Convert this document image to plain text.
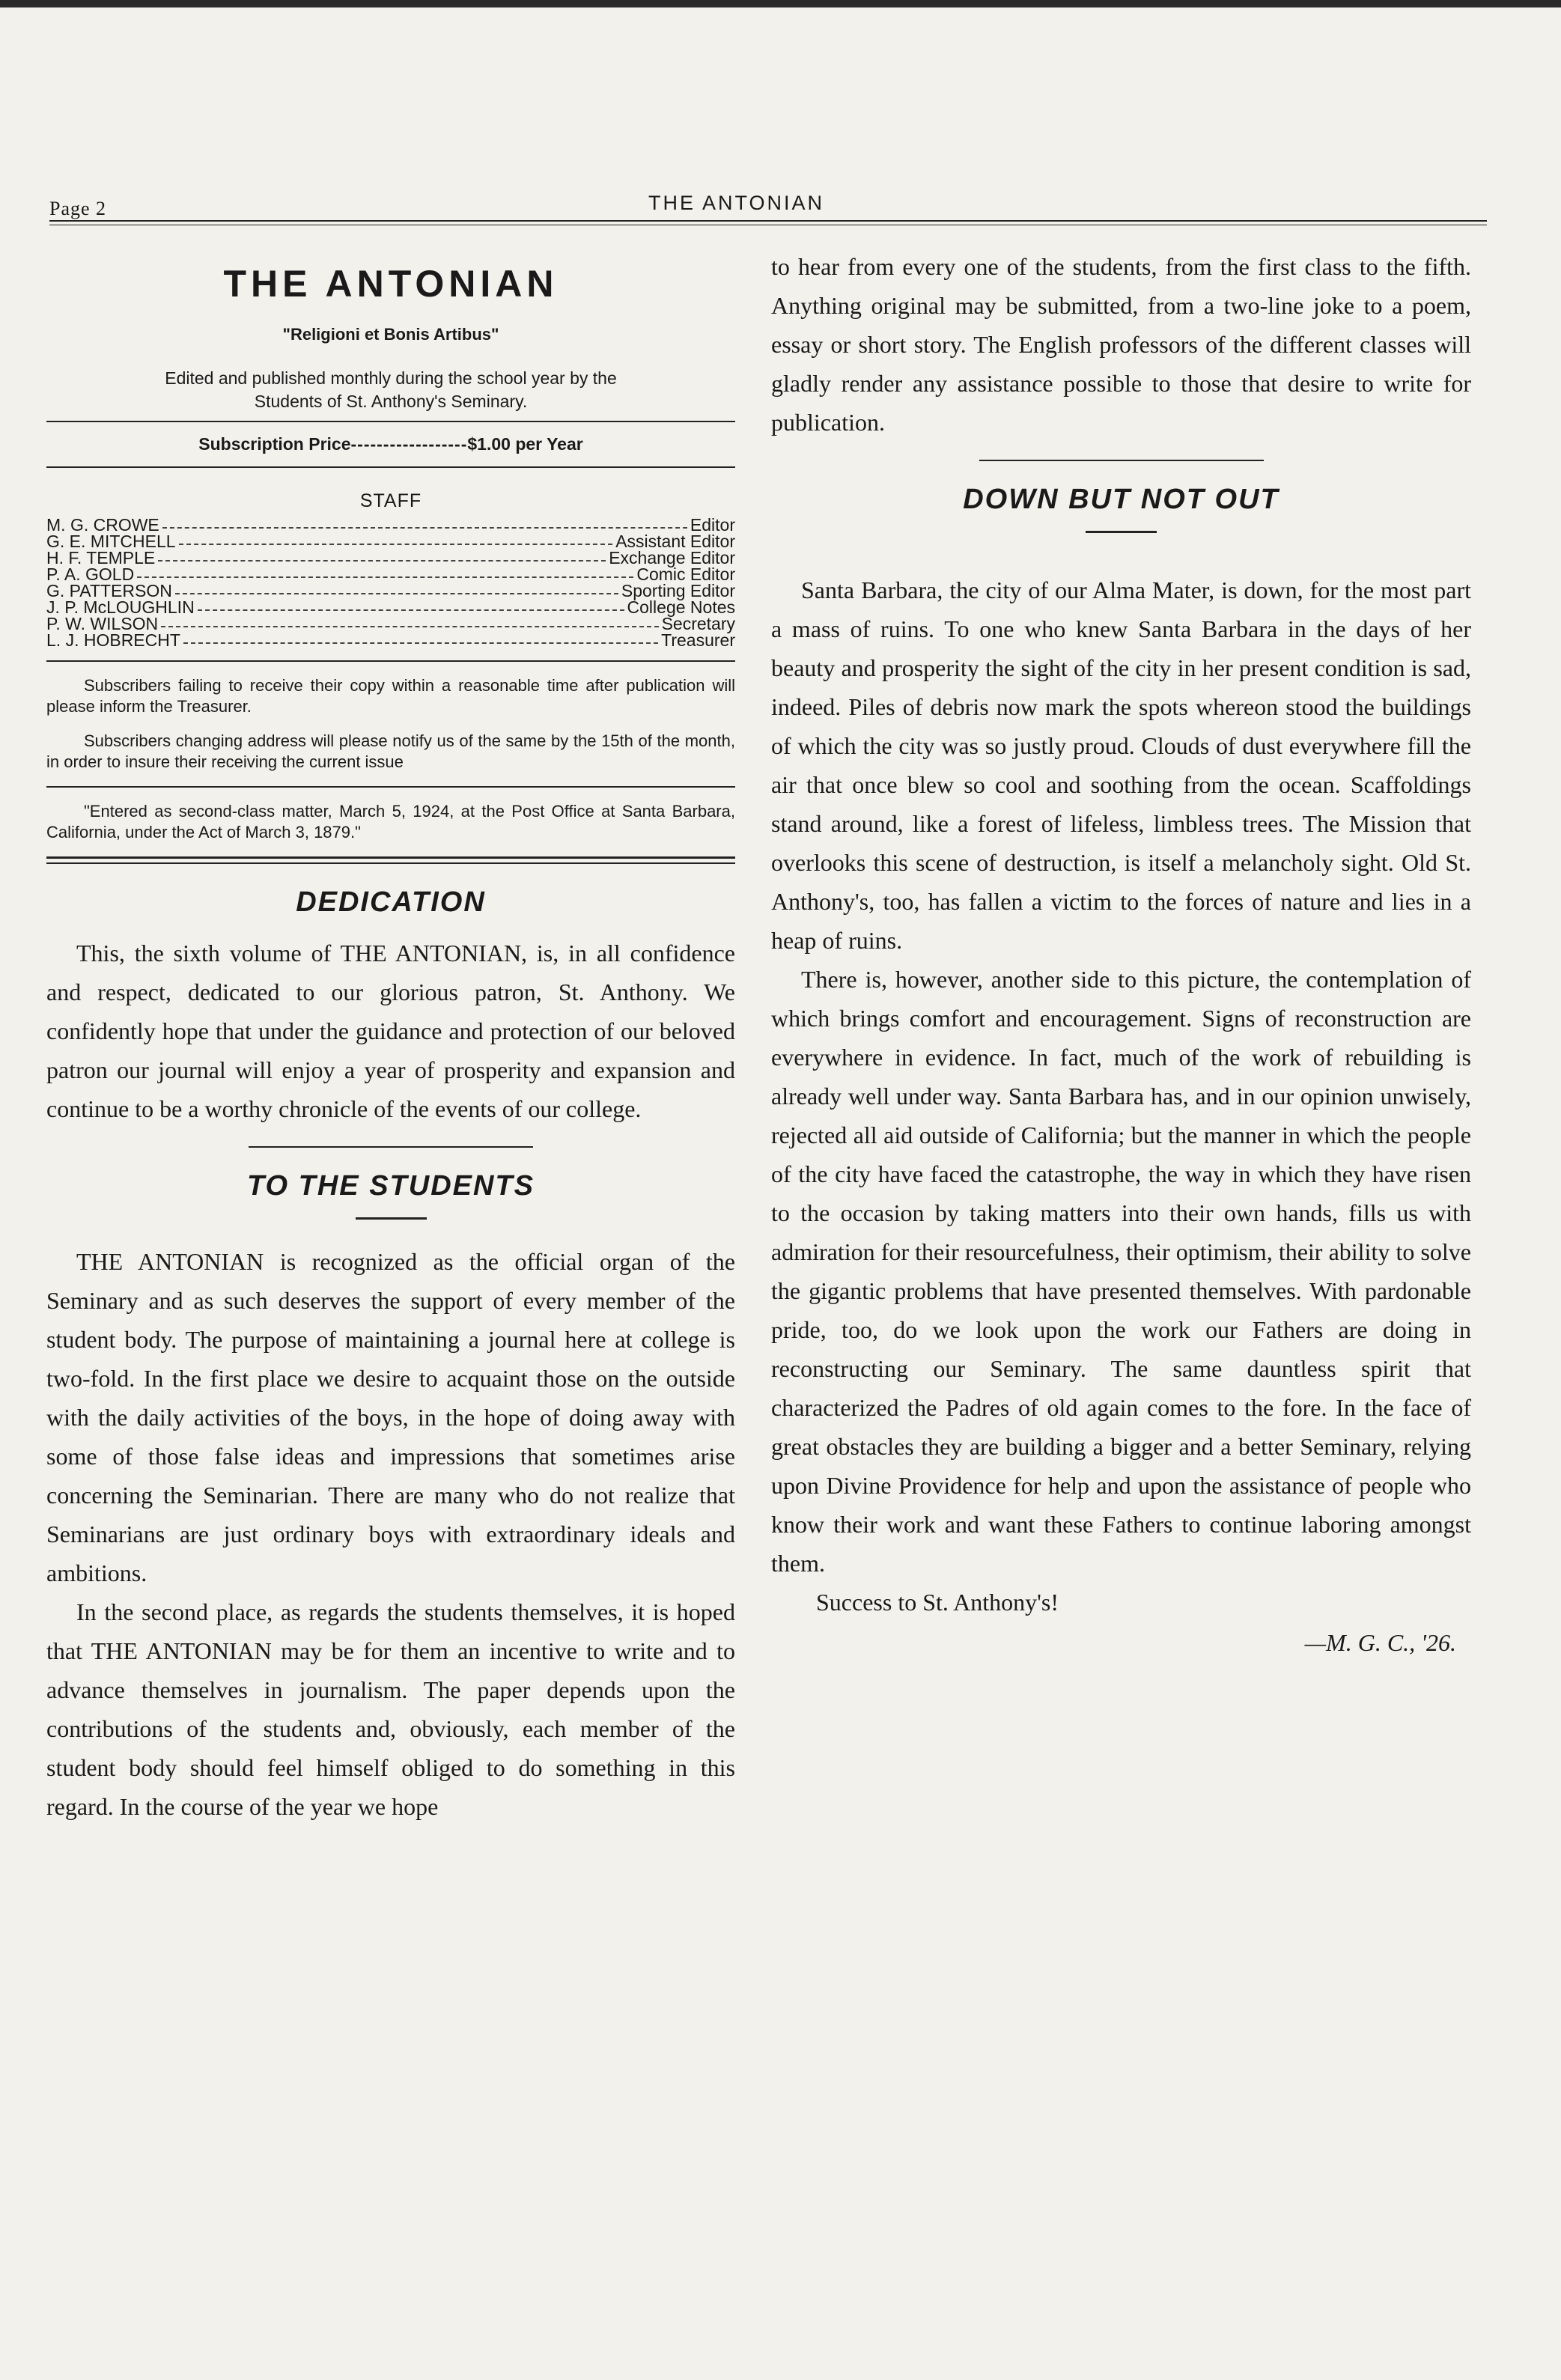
Page 2	THE ANTONIAN
THE ANTONIAN
"Religioni et Bonis Artibus"
Edited and published monthly during the school year by the
Students of St. Anthony's Seminary.
Subscription Price ------------------ $1.00 per Year
STAFF
M. G. CROWE	Editor
G. E. MITCHELL	Assistant Editor
H. F. TEMPLE	Exchange Editor
P. A. GOLD	Comic Editor
G. PATTERSON	Sporting Editor
J. P. McLOUGHLIN	College Notes
P. W. WILSON	Secretary
L. J. HOBRECHT	Treasurer

Subscribers failing to receive their copy within a reasonable time after publication will please inform the Treasurer.

Subscribers changing address will please notify us of the same by the 15th of the month, in order to insure their receiving the current issue

"Entered as second-class matter, March 5, 1924, at the Post Office at Santa Barbara, California, under the Act of March 3, 1879."

DEDICATION

This, the sixth volume of THE ANTONIAN, is, in all confidence and respect, dedicated to our glorious patron, St. Anthony. We confidently hope that under the guidance and protection of our beloved patron our journal will enjoy a year of prosperity and expansion and continue to be a worthy chronicle of the events of our college.

TO THE STUDENTS

THE ANTONIAN is recognized as the official organ of the Seminary and as such deserves the support of every member of the student body. The purpose of maintaining a journal here at college is two-fold. In the first place we desire to acquaint those on the outside with the daily activities of the boys, in the hope of doing away with some of those false ideas and impressions that sometimes arise concerning the Seminarian. There are many who do not realize that Seminarians are just ordinary boys with extraordinary ideals and ambitions.

In the second place, as regards the students themselves, it is hoped that THE ANTONIAN may be for them an incentive to write and to advance themselves in journalism. The paper depends upon the contributions of the students and, obviously, each member of the student body should feel himself obliged to do something in this regard. In the course of the year we hope

to hear from every one of the students, from the first class to the fifth. Anything original may be submitted, from a two-line joke to a poem, essay or short story. The English professors of the different classes will gladly render any assistance possible to those that desire to write for publication.

DOWN BUT NOT OUT

Santa Barbara, the city of our Alma Mater, is down, for the most part a mass of ruins. To one who knew Santa Barbara in the days of her beauty and prosperity the sight of the city in her present condition is sad, indeed. Piles of debris now mark the spots whereon stood the buildings of which the city was so justly proud. Clouds of dust everywhere fill the air that once blew so cool and soothing from the ocean. Scaffoldings stand around, like a forest of lifeless, limbless trees. The Mission that overlooks this scene of destruction, is itself a melancholy sight. Old St. Anthony's, too, has fallen a victim to the forces of nature and lies in a heap of ruins.

There is, however, another side to this picture, the contemplation of which brings comfort and encouragement. Signs of reconstruction are everywhere in evidence. In fact, much of the work of rebuilding is already well under way. Santa Barbara has, and in our opinion unwisely, rejected all aid outside of California; but the manner in which the people of the city have faced the catastrophe, the way in which they have risen to the occasion by taking matters into their own hands, fills us with admiration for their resourcefulness, their optimism, their ability to solve the gigantic problems that have presented themselves. With pardonable pride, too, do we look upon the work our Fathers are doing in reconstructing our Seminary. The same dauntless spirit that characterized the Padres of old again comes to the fore. In the face of great obstacles they are building a bigger and a better Seminary, relying upon Divine Providence for help and upon the assistance of people who know their work and want these Fathers to continue laboring amongst them.

Success to St. Anthony's!
—M. G. C., '26.
